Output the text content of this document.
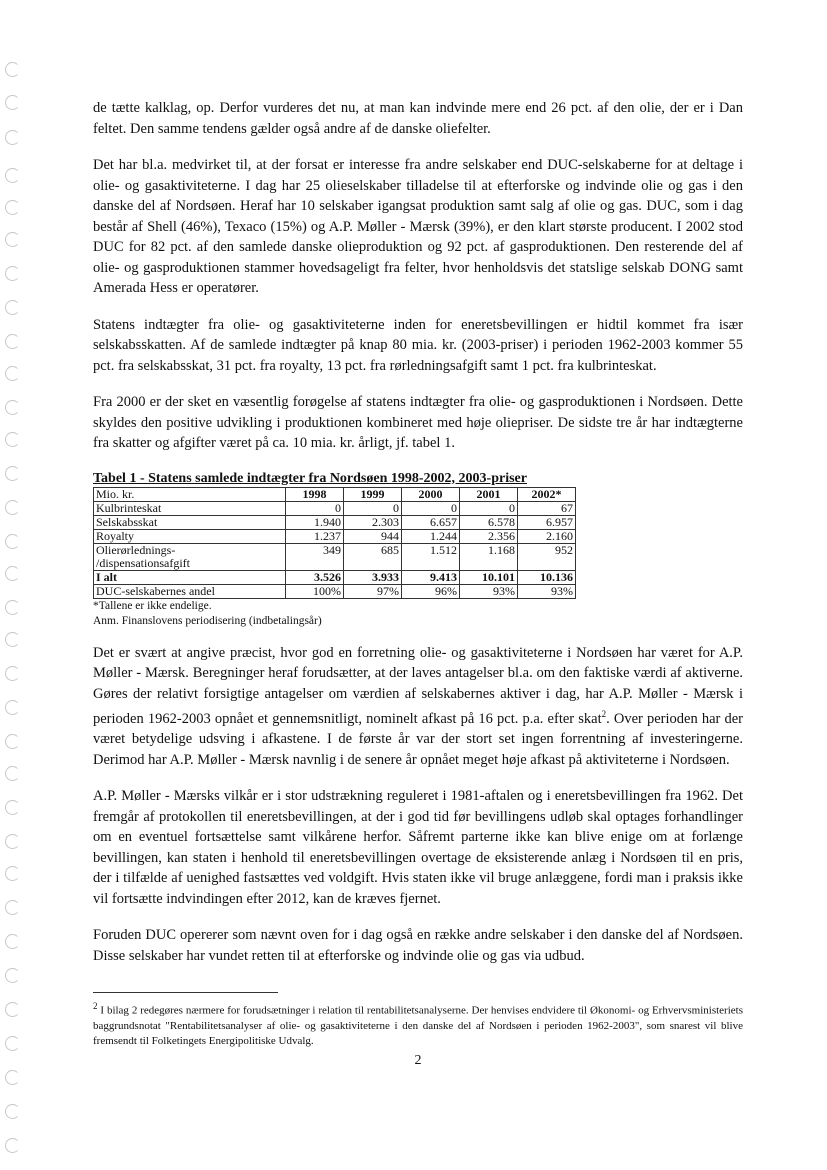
de tætte kalklag, op. Derfor vurderes det nu, at man kan indvinde mere end 26 pct. af den olie, der er i Dan feltet. Den samme tendens gælder også andre af de danske oliefelter.

Det har bl.a. medvirket til, at der forsat er interesse fra andre selskaber end DUC-selskaberne for at deltage i olie- og gasaktiviteterne. I dag har 25 olieselskaber tilladelse til at efterforske og indvinde olie og gas i den danske del af Nordsøen. Heraf har 10 selskaber igangsat produktion samt salg af olie og gas. DUC, som i dag består af Shell (46%), Texaco (15%) og A.P. Møller - Mærsk (39%), er den klart største producent. I 2002 stod DUC for 82 pct. af den samlede danske olieproduktion og 92 pct. af gasproduktionen. Den resterende del af olie- og gasproduktionen stammer hovedsageligt fra felter, hvor henholdsvis det statslige selskab DONG samt Amerada Hess er operatører.

Statens indtægter fra olie- og gasaktiviteterne inden for eneretsbevillingen er hidtil kommet fra især selskabsskatten. Af de samlede indtægter på knap 80 mia. kr. (2003-priser) i perioden 1962-2003 kommer 55 pct. fra selskabsskat, 31 pct. fra royalty, 13 pct. fra rørledningsafgift samt 1 pct. fra kulbrinteskat.

Fra 2000 er der sket en væsentlig forøgelse af statens indtægter fra olie- og gasproduktionen i Nordsøen. Dette skyldes den positive udvikling i produktionen kombineret med høje oliepriser. De sidste tre år har indtægterne fra skatter og afgifter været på ca. 10 mia. kr. årligt, jf. tabel 1.

Tabel 1 - Statens samlede indtægter fra Nordsøen 1998-2002, 2003-priser
Mio. kr.	1998	1999	2000	2001	2002*
Kulbrinteskat	0	0	0	0	67
Selskabsskat	1.940	2.303	6.657	6.578	6.957
Royalty	1.237	944	1.244	2.356	2.160
Olierørlednings-
/dispensationsafgift	349	685	1.512	1.168	952
I alt	3.526	3.933	9.413	10.101	10.136
DUC-selskabernes andel	100%	97%	96%	93%	93%
*Tallene er ikke endelige.
Anm. Finanslovens periodisering (indbetalingsår)

Det er svært at angive præcist, hvor god en forretning olie- og gasaktiviteterne i Nordsøen har været for A.P. Møller - Mærsk. Beregninger heraf forudsætter, at der laves antagelser bl.a. om den faktiske værdi af aktiverne. Gøres der relativt forsigtige antagelser om værdien af selskabernes aktiver i dag, har A.P. Møller - Mærsk i perioden 1962-2003 opnået et gennemsnitligt, nominelt afkast på 16 pct. p.a. efter skat$^2$. Over perioden har der været betydelige udsving i afkastene. I de første år var der stort set ingen forrentning af investeringerne. Derimod har A.P. Møller - Mærsk navnlig i de senere år opnået meget høje afkast på aktiviteterne i Nordsøen.

A.P. Møller - Mærsks vilkår er i stor udstrækning reguleret i 1981-aftalen og i eneretsbevillingen fra 1962. Det fremgår af protokollen til eneretsbevillingen, at der i god tid før bevillingens udløb skal optages forhandlinger om en eventuel fortsættelse samt vilkårene herfor. Såfremt parterne ikke kan blive enige om at forlænge bevillingen, kan staten i henhold til eneretsbevillingen overtage de eksisterende anlæg i Nordsøen til en pris, der i tilfælde af uenighed fastsættes ved voldgift. Hvis staten ikke vil bruge anlæggene, fordi man i praksis ikke vil fortsætte indvindingen efter 2012, kan de kræves fjernet.

Foruden DUC opererer som nævnt oven for i dag også en række andre selskaber i den danske del af Nordsøen. Disse selskaber har vundet retten til at efterforske og indvinde olie og gas via udbud.

$^2$ I bilag 2 redegøres nærmere for forudsætninger i relation til rentabilitetsanalyserne. Der henvises endvidere til Økonomi- og Erhvervsministeriets baggrundsnotat "Rentabilitetsanalyser af olie- og gasaktiviteterne i den danske del af Nordsøen i perioden 1962-2003", som snarest vil blive fremsendt til Folketingets Energipolitiske Udvalg.
2
